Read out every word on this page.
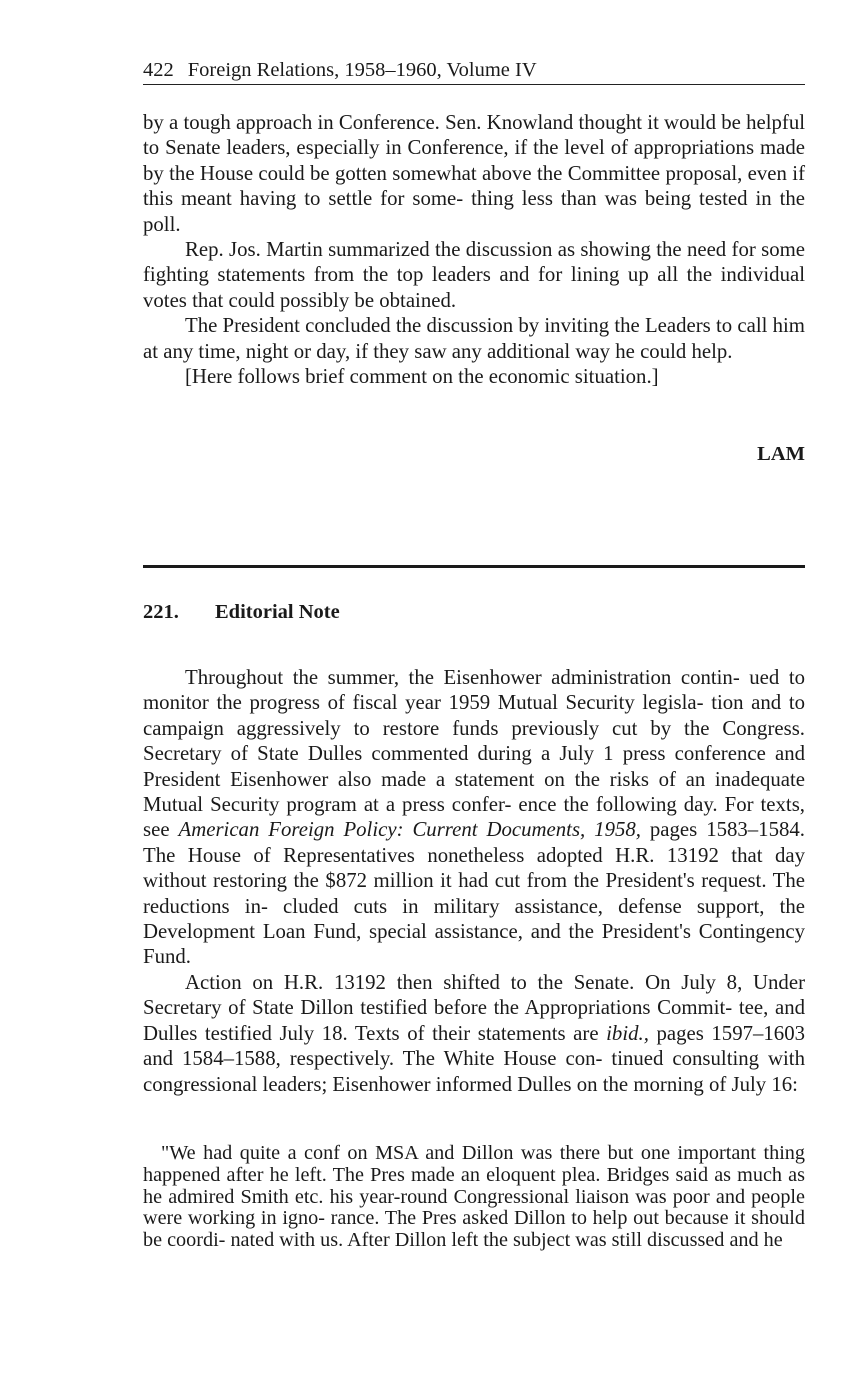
422 Foreign Relations, 1958–1960, Volume IV

by a tough approach in Conference. Sen. Knowland thought it would be helpful to Senate leaders, especially in Conference, if the level of appropriations made by the House could be gotten somewhat above the Committee proposal, even if this meant having to settle for some- thing less than was being tested in the poll.

Rep. Jos. Martin summarized the discussion as showing the need for some fighting statements from the top leaders and for lining up all the individual votes that could possibly be obtained.

The President concluded the discussion by inviting the Leaders to call him at any time, night or day, if they saw any additional way he could help.

[Here follows brief comment on the economic situation.]

LAM
221. Editorial Note

Throughout the summer, the Eisenhower administration contin- ued to monitor the progress of fiscal year 1959 Mutual Security legisla- tion and to campaign aggressively to restore funds previously cut by the Congress. Secretary of State Dulles commented during a July 1 press conference and President Eisenhower also made a statement on the risks of an inadequate Mutual Security program at a press confer- ence the following day. For texts, see American Foreign Policy: Current Documents, 1958, pages 1583–1584. The House of Representatives nonetheless adopted H.R. 13192 that day without restoring the $872 million it had cut from the President's request. The reductions in- cluded cuts in military assistance, defense support, the Development Loan Fund, special assistance, and the President's Contingency Fund.

Action on H.R. 13192 then shifted to the Senate. On July 8, Under Secretary of State Dillon testified before the Appropriations Commit- tee, and Dulles testified July 18. Texts of their statements are ibid., pages 1597–1603 and 1584–1588, respectively. The White House con- tinued consulting with congressional leaders; Eisenhower informed Dulles on the morning of July 16:

"We had quite a conf on MSA and Dillon was there but one important thing happened after he left. The Pres made an eloquent plea. Bridges said as much as he admired Smith etc. his year-round Congressional liaison was poor and people were working in igno- rance. The Pres asked Dillon to help out because it should be coordi- nated with us. After Dillon left the subject was still discussed and he
